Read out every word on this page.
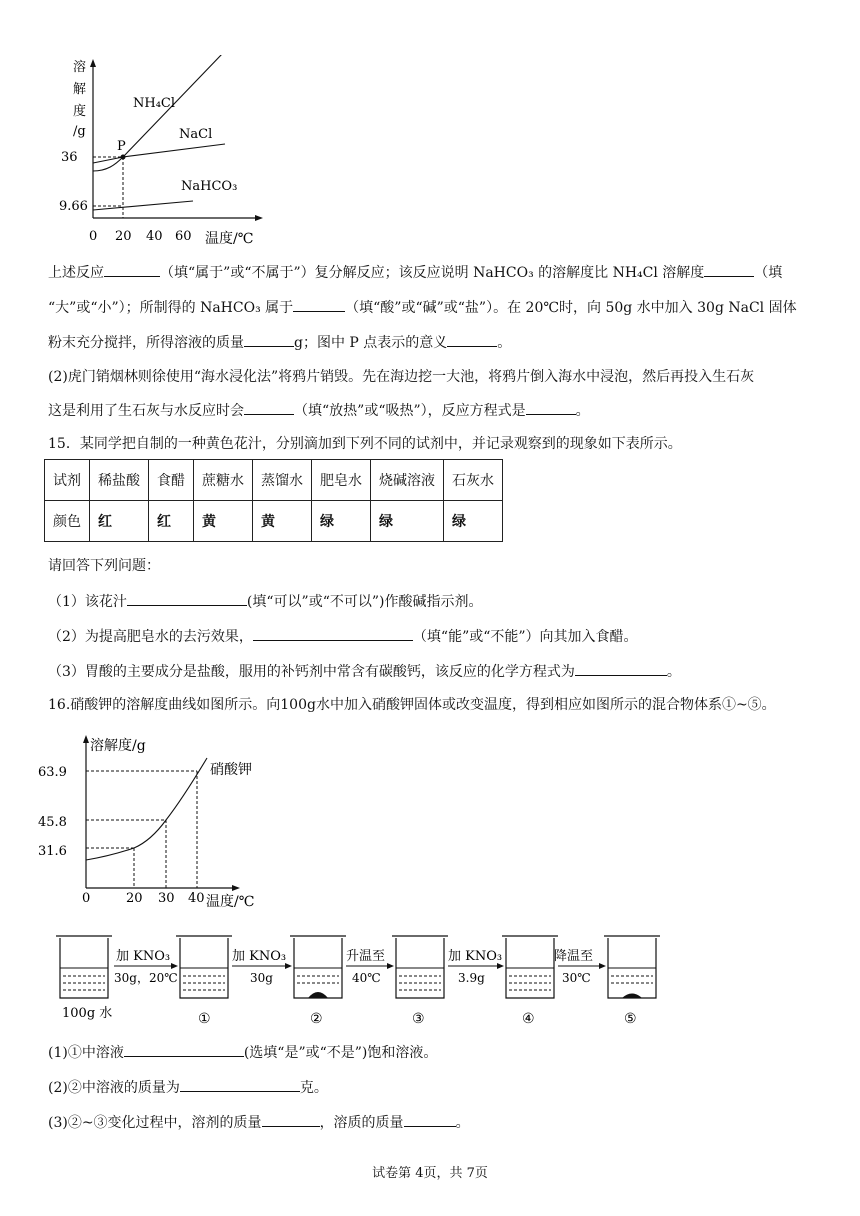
溶
解
度
/g
36
9.66
0 20 40 60 温度/℃
P
NH₄Cl
NaCl
NaHCO₃
上述反应	（填“属于”或“不属于”）复分解反应；该反应说明 NaHCO₃ 的溶解度比 NH₄Cl 溶解度	（填
“大”或“小”）；所制得的 NaHCO₃ 属于	（填“酸”或“碱”或“盐”）。在 20℃时，向 50g 水中加入 30g NaCl 固体
粉末充分搅拌，所得溶液的质量	g；图中 P 点表示的意义	。
(2)虎门销烟林则徐使用“海水浸化法”将鸦片销毁。先在海边挖一大池，将鸦片倒入海水中浸泡，然后再投入生石灰
这是利用了生石灰与水反应时会	（填“放热”或“吸热”），反应方程式是	。
15．某同学把自制的一种黄色花汁，分别滴加到下列不同的试剂中，并记录观察到的现象如下表所示。
试剂	稀盐酸	食醋	蔗糖水	蒸馏水	肥皂水	烧碱溶液	石灰水
颜色	红	红	黄	黄	绿	绿	绿
请回答下列问题：
（1）该花汁	(填“可以”或“不可以”)作酸碱指示剂。
（2）为提高肥皂水的去污效果，	（填“能”或“不能”）向其加入食醋。
（3）胃酸的主要成分是盐酸，服用的补钙剂中常含有碳酸钙，该反应的化学方程式为	。
16.硝酸钾的溶解度曲线如图所示。向100g水中加入硝酸钾固体或改变温度，得到相应如图所示的混合物体系①~⑤。
溶解度/g
63.9
45.8
31.6
0	20 30 40 温度/℃
硝酸钾
100g 水
加 KNO₃
30g，20℃
①
加 KNO₃
30g
②
升温至
40℃
③
加 KNO₃
3.9g
④
降温至
30℃
⑤
(1)①中溶液	(选填“是”或“不是”)饱和溶液。
(2)②中溶液的质量为	克。
(3)②~③变化过程中，溶剂的质量	，溶质的质量	。
试卷第 4页，共 7页
